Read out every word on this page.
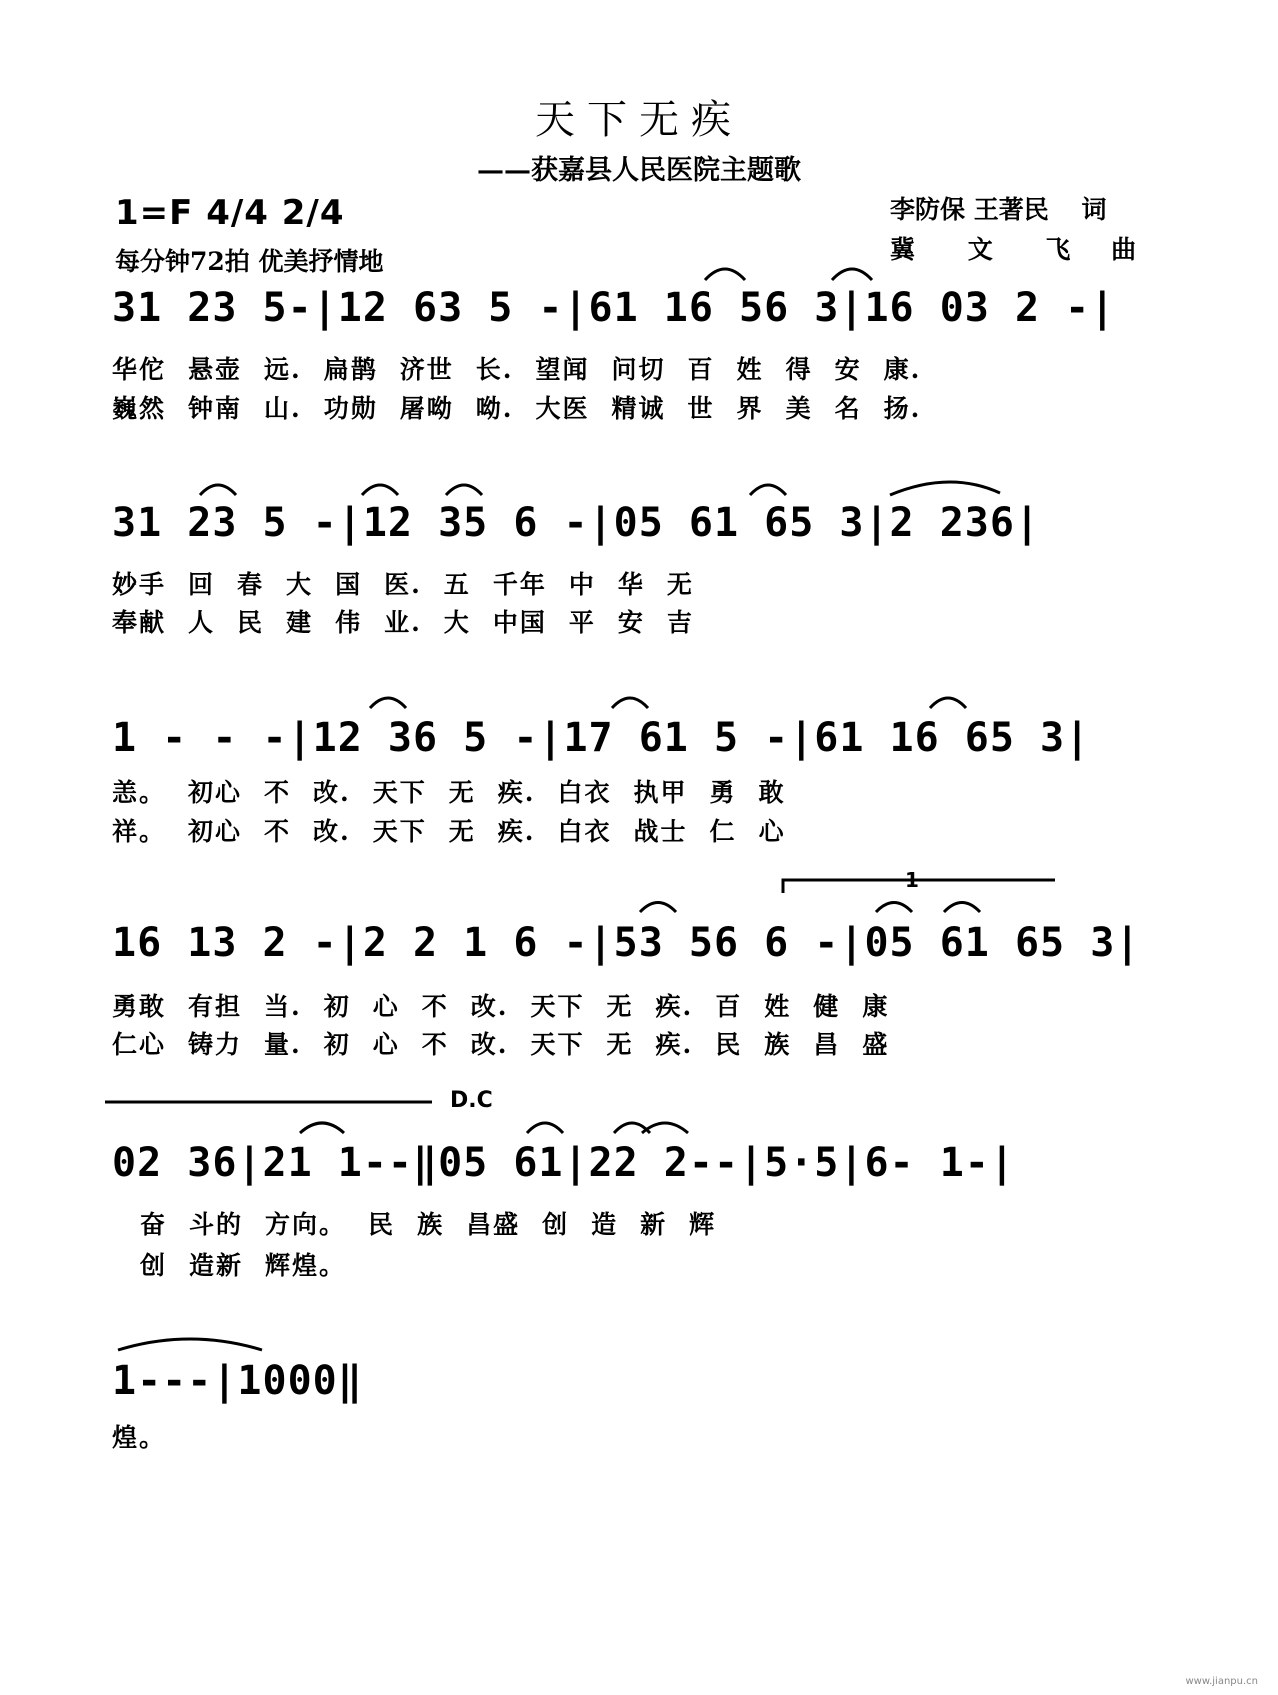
天下无疾
——获嘉县人民医院主题歌
1=F 4/4 2/4
每分钟72拍 优美抒情地
李防保 王著民 词
冀 文 飞 曲
31 23 5-|12 63 5 -|61 16 56 3|16 03 2 -|
华佗 悬壶 远. 扁鹊 济世 长. 望闻 问切 百 姓 得 安 康.
巍然 钟南 山. 功勋 屠呦 呦. 大医 精诚 世 界 美 名 扬.
31 23 5 -|12 35 6 -|05 61 65 3|2 236|
妙手 回 春 大 国 医. 五 千年 中 华 无
奉献 人 民 建 伟 业. 大 中国 平 安 吉
1 - - -|12 36 5 -|17 61 5 -|61 16 65 3|
恙。 初心 不 改. 天下 无 疾. 白衣 执甲 勇 敢
祥。 初心 不 改. 天下 无 疾. 白衣 战士 仁 心
1
16 13 2 -|2 2 1 6 -|53 56 6 -|05 61 65 3|
勇敢 有担 当. 初 心 不 改. 天下 无 疾. 百 姓 健 康
仁心 铸力 量. 初 心 不 改. 天下 无 疾. 民 族 昌 盛
D.C
02 36|21 1--‖05 61|22 2--|5·5|6- 1-|
奋 斗的 方向。 民 族 昌盛 创 造 新 辉
创 造新 辉煌。
1---|1000‖
煌。
www.jianpu.cn
